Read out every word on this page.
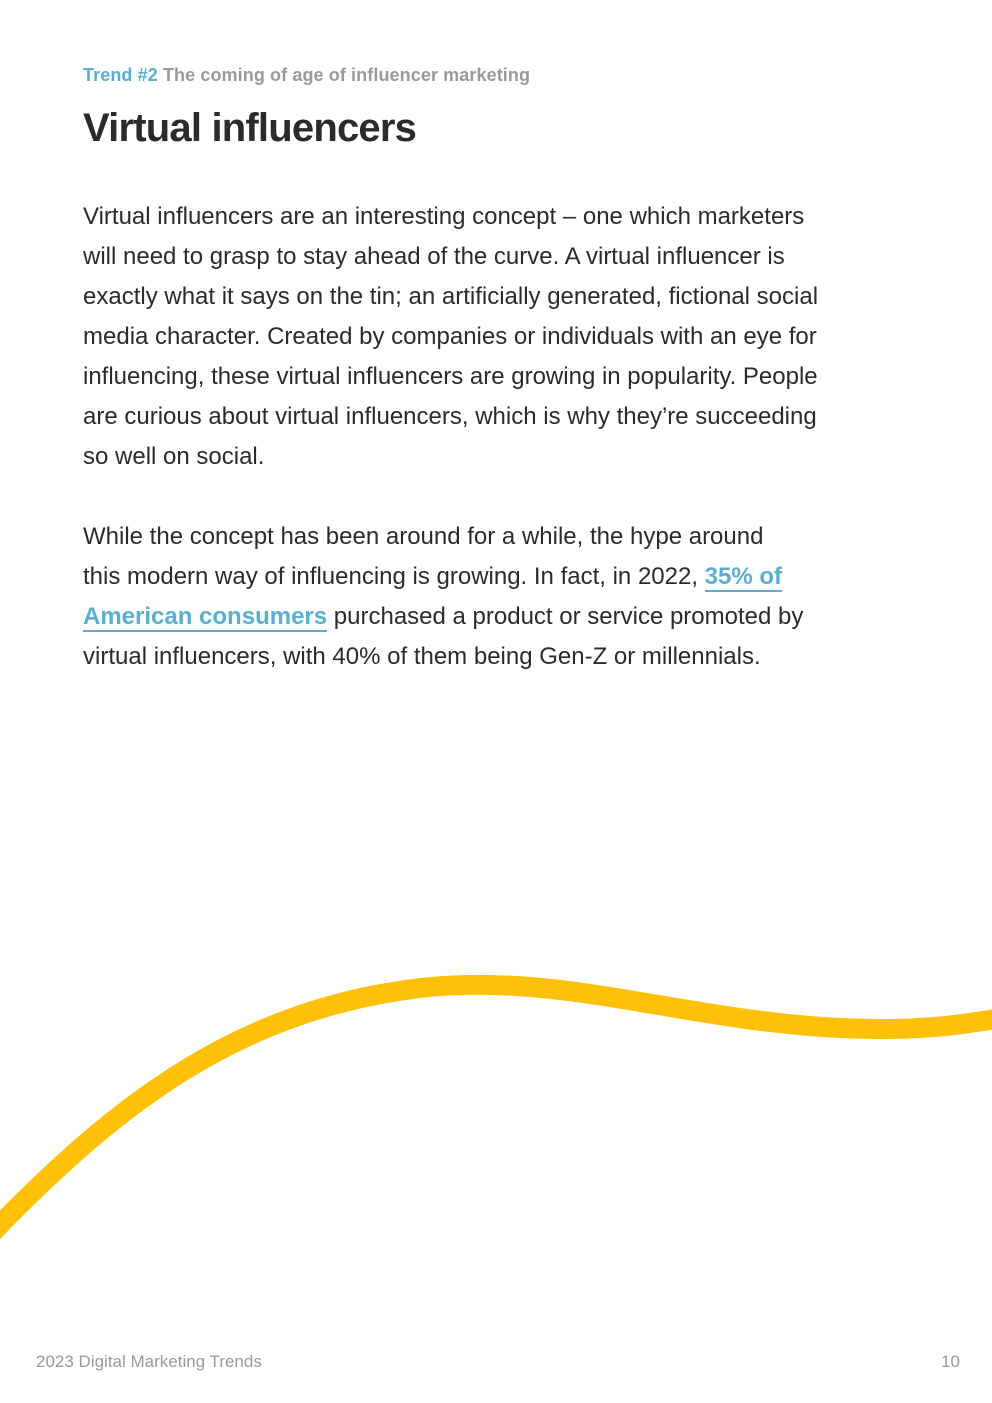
Trend #2 The coming of age of influencer marketing
Virtual influencers
Virtual influencers are an interesting concept – one which marketers
will need to grasp to stay ahead of the curve. A virtual influencer is
exactly what it says on the tin; an artificially generated, fictional social
media character. Created by companies or individuals with an eye for
influencing, these virtual influencers are growing in popularity. People
are curious about virtual influencers, which is why they’re succeeding
so well on social.
While the concept has been around for a while, the hype around
this modern way of influencing is growing. In fact, in 2022, 35% of
American consumers purchased a product or service promoted by
virtual influencers, with 40% of them being Gen-Z or millennials.
2023 Digital Marketing Trends	10
